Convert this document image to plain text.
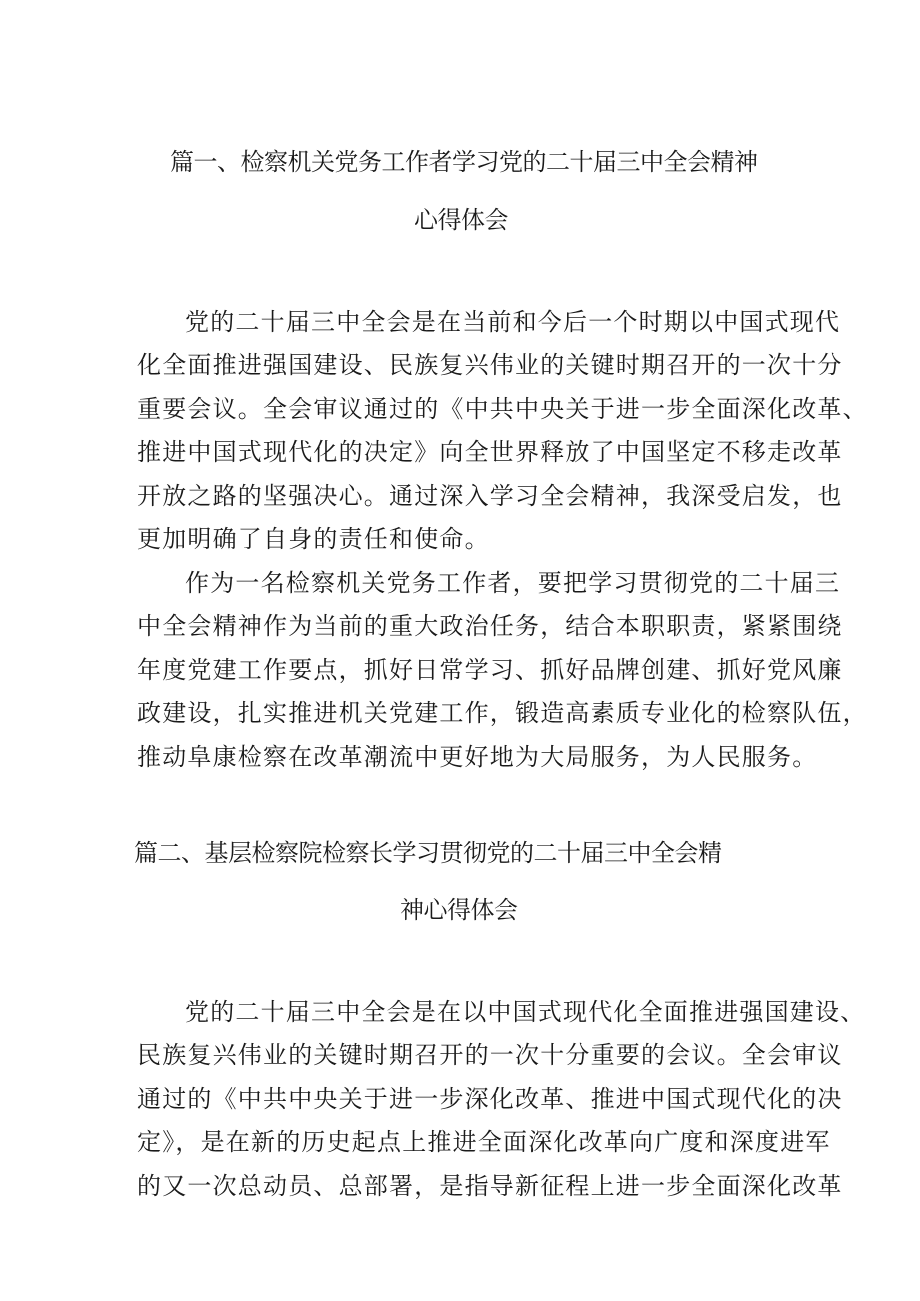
篇一、检察机关党务工作者学习党的二十届三中全会精神
心得体会
党的二十届三中全会是在当前和今后一个时期以中国式现代
化全面推进强国建设、民族复兴伟业的关键时期召开的一次十分
重要会议。全会审议通过的《中共中央关于进一步全面深化改革、
推进中国式现代化的决定》向全世界释放了中国坚定不移走改革
开放之路的坚强决心。通过深入学习全会精神，我深受启发，也
更加明确了自身的责任和使命。
作为一名检察机关党务工作者，要把学习贯彻党的二十届三
中全会精神作为当前的重大政治任务，结合本职职责，紧紧围绕
年度党建工作要点，抓好日常学习、抓好品牌创建、抓好党风廉
政建设，扎实推进机关党建工作，锻造高素质专业化的检察队伍，
推动阜康检察在改革潮流中更好地为大局服务，为人民服务。
篇二、基层检察院检察长学习贯彻党的二十届三中全会精
神心得体会
党的二十届三中全会是在以中国式现代化全面推进强国建设、
民族复兴伟业的关键时期召开的一次十分重要的会议。全会审议
通过的《中共中央关于进一步深化改革、推进中国式现代化的决
定》，是在新的历史起点上推进全面深化改革向广度和深度进军
的又一次总动员、总部署，是指导新征程上进一步全面深化改革
